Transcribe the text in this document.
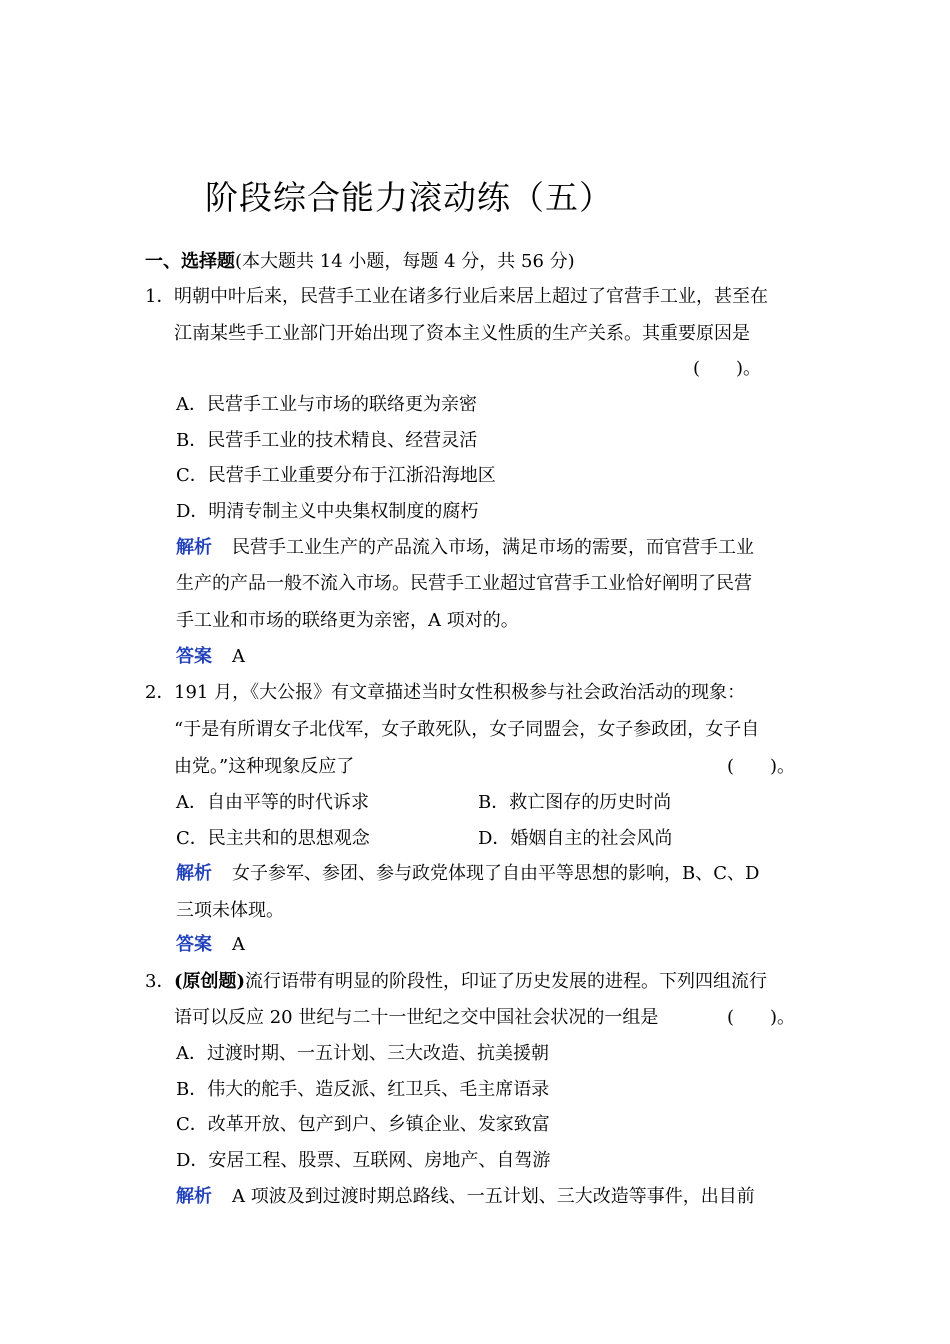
阶段综合能力滚动练（五）
一、选择题(本大题共 14 小题，每题 4 分，共 56 分)
1． 明朝中叶后来，民营手工业在诸多行业后来居上超过了官营手工业，甚至在
江南某些手工业部门开始出现了资本主义性质的生产关系。其重要原因是
(　　)。
A．民营手工业与市场的联络更为亲密
B．民营手工业的技术精良、经营灵活
C．民营手工业重要分布于江浙沿海地区
D．明清专制主义中央集权制度的腐朽
解析 民营手工业生产的产品流入市场，满足市场的需要，而官营手工业
生产的产品一般不流入市场。民营手工业超过官营手工业恰好阐明了民营
手工业和市场的联络更为亲密，A 项对的。
答案 A
2． 191 月，《大公报》有文章描述当时女性积极参与社会政治活动的现象：
“于是有所谓女子北伐军，女子敢死队，女子同盟会，女子参政团，女子自
由党。”这种现象反应了	(　　)。
A．自由平等的时代诉求	B．救亡图存的历史时尚
C．民主共和的思想观念	D．婚姻自主的社会风尚
解析 女子参军、参团、参与政党体现了自由平等思想的影响，B、C、D
三项未体现。
答案 A
3． (原创题)流行语带有明显的阶段性，印证了历史发展的进程。下列四组流行
语可以反应 20 世纪与二十一世纪之交中国社会状况的一组是	(　　)。
A．过渡时期、一五计划、三大改造、抗美援朝
B．伟大的舵手、造反派、红卫兵、毛主席语录
C．改革开放、包产到户、乡镇企业、发家致富
D．安居工程、股票、互联网、房地产、自驾游
解析 A 项波及到过渡时期总路线、一五计划、三大改造等事件，出目前
